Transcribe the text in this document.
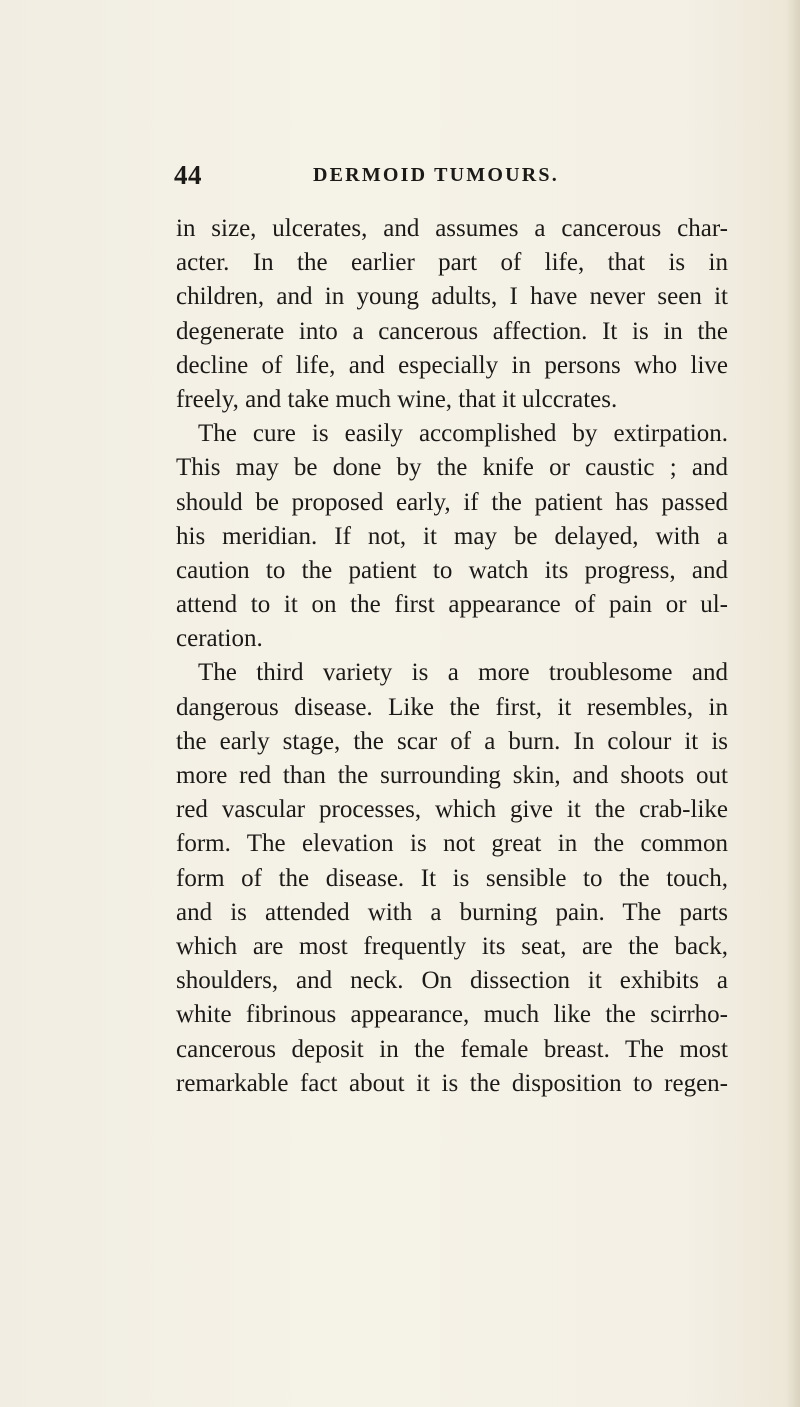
44	DERMOID TUMOURS.
in size, ulcerates, and assumes a cancerous char-
acter. In the earlier part of life, that is in
children, and in young adults, I have never seen it
degenerate into a cancerous affection. It is in the
decline of life, and especially in persons who live
freely, and take much wine, that it ulccrates.
The cure is easily accomplished by extirpation.
This may be done by the knife or caustic ; and
should be proposed early, if the patient has passed
his meridian. If not, it may be delayed, with a
caution to the patient to watch its progress, and
attend to it on the first appearance of pain or ul-
ceration.
The third variety is a more troublesome and
dangerous disease. Like the first, it resembles, in
the early stage, the scar of a burn. In colour it is
more red than the surrounding skin, and shoots out
red vascular processes, which give it the crab-like
form. The elevation is not great in the common
form of the disease. It is sensible to the touch,
and is attended with a burning pain. The parts
which are most frequently its seat, are the back,
shoulders, and neck. On dissection it exhibits a
white fibrinous appearance, much like the scirrho-
cancerous deposit in the female breast. The most
remarkable fact about it is the disposition to regen-
